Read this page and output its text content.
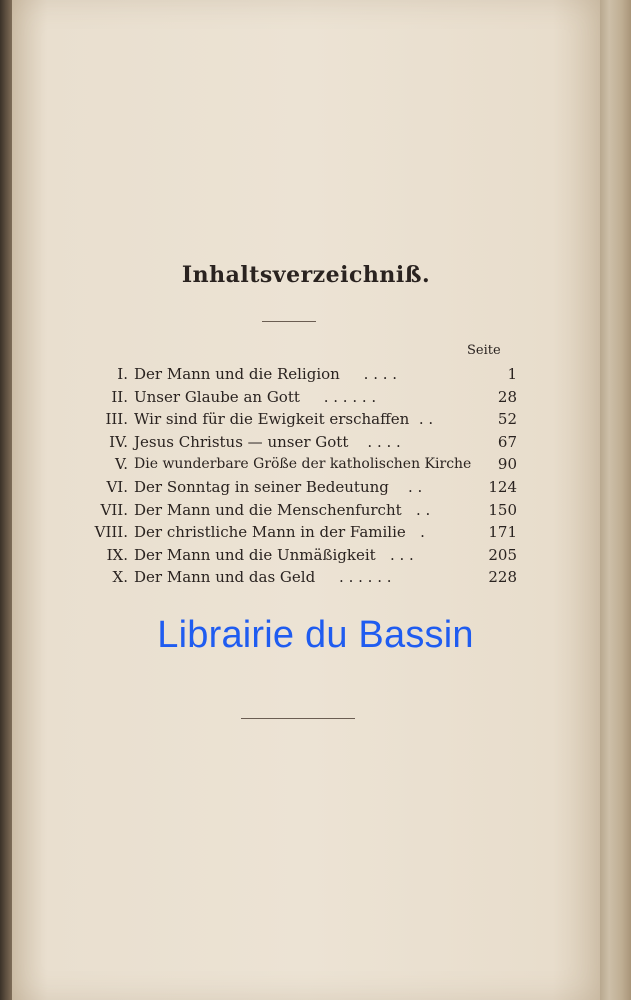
Inhaltsverzeichniß.
Seite
I. Der Mann und die Religion . . . .	1
II. Unser Glaube an Gott . . . . . .	28
III. Wir sind für die Ewigkeit erschaffen . .	52
IV. Jesus Christus — unser Gott . . . .	67
V. Die wunderbare Größe der katholischen Kirche	90
VI. Der Sonntag in seiner Bedeutung . .	124
VII. Der Mann und die Menschenfurcht . .	150
VIII. Der christliche Mann in der Familie .	171
IX. Der Mann und die Unmäßigkeit . . .	205
X. Der Mann und das Geld . . . . . .	228
Librairie du Bassin
